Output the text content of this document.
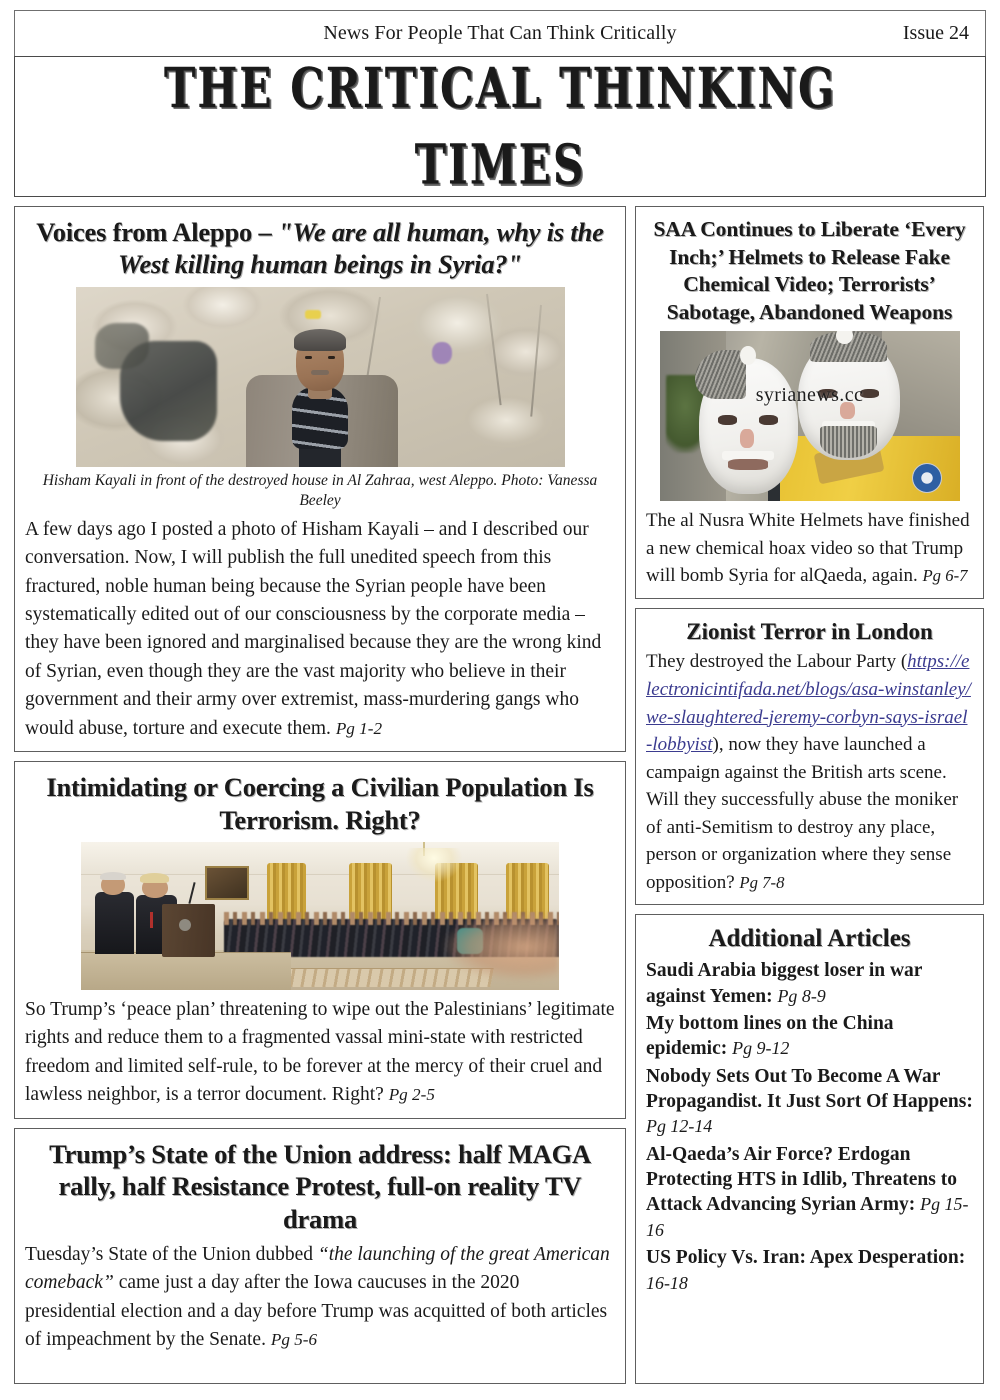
News For People That Can Think Critically	Issue 24
THE CRITICAL THINKING
TIMES
Voices from Aleppo – "We are all human, why is the West killing human beings in Syria?"

Hisham Kayali in front of the destroyed house in Al Zahraa, west Aleppo. Photo: Vanessa Beeley

A few days ago I posted a photo of Hisham Kayali – and I described our conversation. Now, I will publish the full unedited speech from this fractured, noble human being because the Syrian people have been systematically edited out of our consciousness by the corporate media – they have been ignored and marginalised because they are the wrong kind of Syrian, even though they are the vast majority who believe in their government and their army over extremist, mass-murdering gangs who would abuse, torture and execute them. Pg 1-2

Intimidating or Coercing a Civilian Population Is Terrorism. Right?

So Trump’s ‘peace plan’ threatening to wipe out the Palestinians’ legitimate rights and reduce them to a fragmented vassal mini-state with restricted freedom and limited self-rule, to be forever at the mercy of their cruel and lawless neighbor, is a terror document. Right? Pg 2-5

Trump’s State of the Union address: half MAGA rally, half Resistance Protest, full-on reality TV drama

Tuesday’s State of the Union dubbed “the launching of the great American comeback” came just a day after the Iowa caucuses in the 2020 presidential election and a day before Trump was acquitted of both articles of impeachment by the Senate. Pg 5-6

SAA Continues to Liberate ‘Every Inch;’ Helmets to Release Fake Chemical Video; Terrorists’ Sabotage, Abandoned Weapons
syrianews.cc

The al Nusra White Helmets have finished a new chemical hoax video so that Trump will bomb Syria for alQaeda, again. Pg 6-7

Zionist Terror in London

They destroyed the Labour Party (https://electronicintifada.net/blogs/asa-winstanley/we-slaughtered-jeremy-corbyn-says-israel-lobbyist), now they have launched a campaign against the British arts scene. Will they successfully abuse the moniker of anti-Semitism to destroy any place, person or organization where they sense opposition? Pg 7-8

Additional Articles
Saudi Arabia biggest loser in war against Yemen: Pg 8-9
My bottom lines on the China epidemic: Pg 9-12
Nobody Sets Out To Become A War Propagandist. It Just Sort Of Happens: Pg 12-14
Al-Qaeda’s Air Force? Erdogan Protecting HTS in Idlib, Threatens to Attack Advancing Syrian Army: Pg 15-16
US Policy Vs. Iran: Apex Desperation: 16-18
